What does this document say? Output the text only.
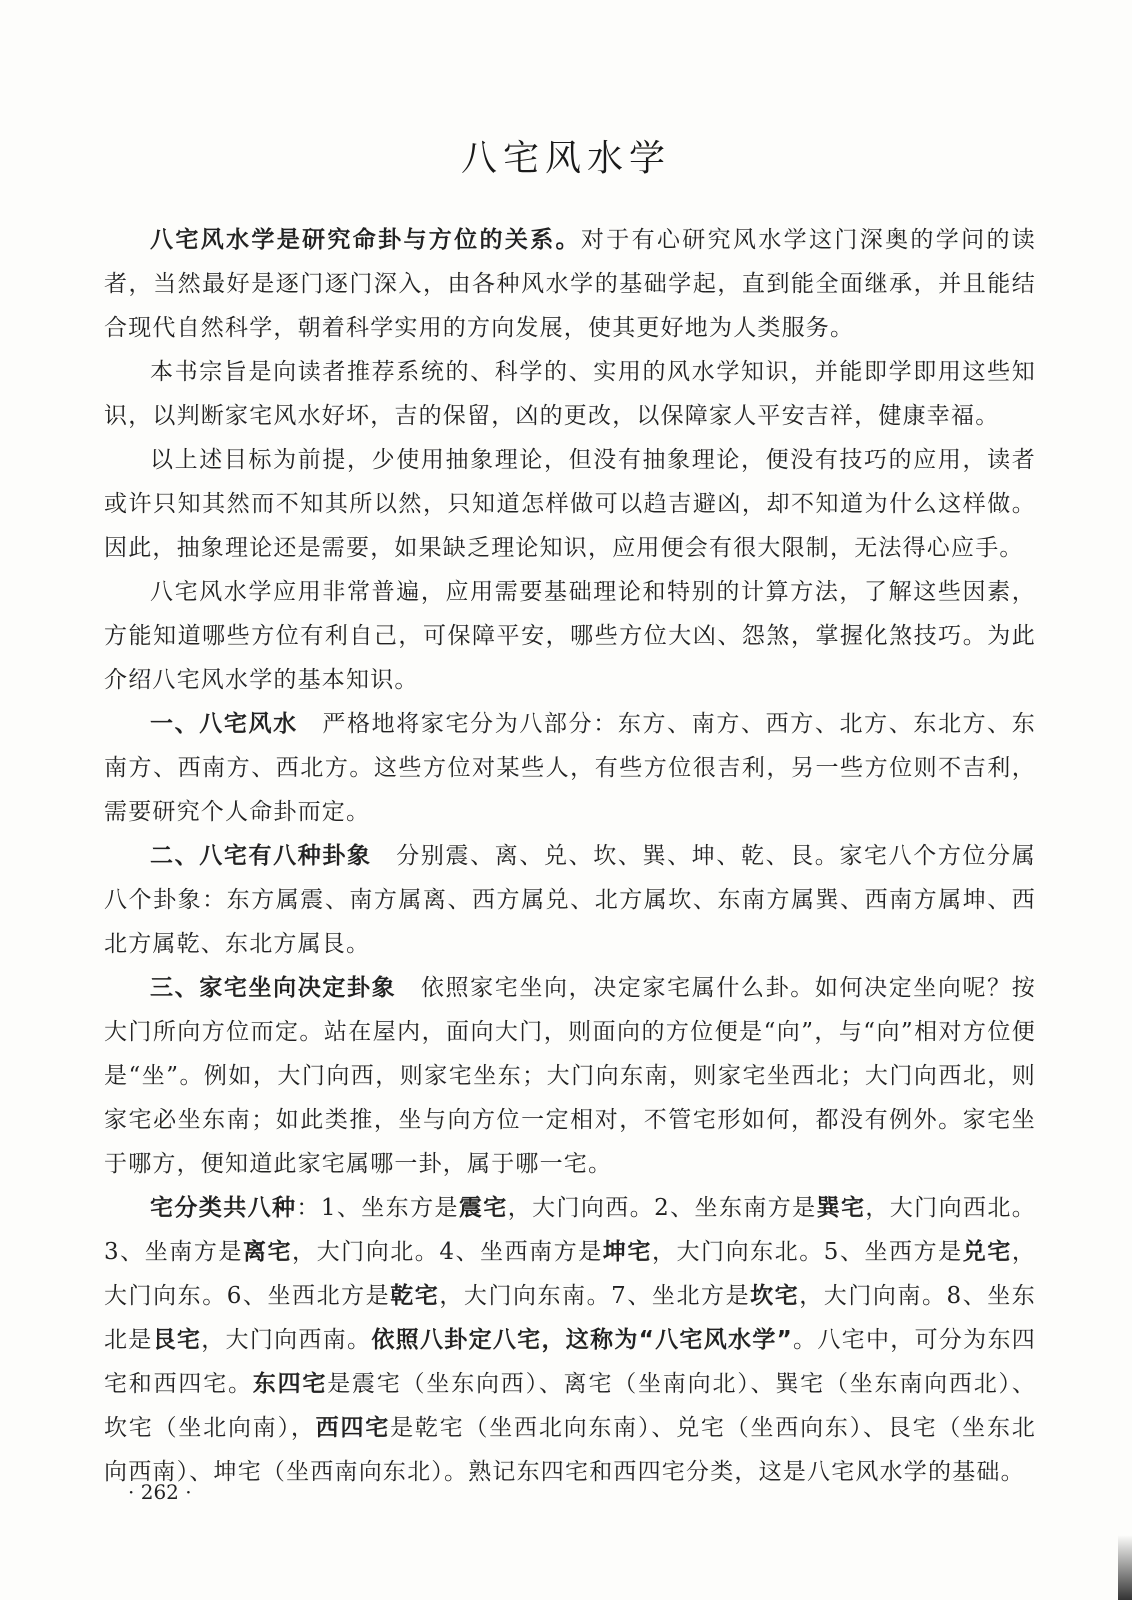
八宅风水学

八宅风水学是研究命卦与方位的关系。对于有心研究风水学这门深奥的学问的读者，当然最好是逐门逐门深入，由各种风水学的基础学起，直到能全面继承，并且能结合现代自然科学，朝着科学实用的方向发展，使其更好地为人类服务。

本书宗旨是向读者推荐系统的、科学的、实用的风水学知识，并能即学即用这些知识，以判断家宅风水好坏，吉的保留，凶的更改，以保障家人平安吉祥，健康幸福。

以上述目标为前提，少使用抽象理论，但没有抽象理论，便没有技巧的应用，读者或许只知其然而不知其所以然，只知道怎样做可以趋吉避凶，却不知道为什么这样做。因此，抽象理论还是需要，如果缺乏理论知识，应用便会有很大限制，无法得心应手。

八宅风水学应用非常普遍，应用需要基础理论和特别的计算方法，了解这些因素，方能知道哪些方位有利自己，可保障平安，哪些方位大凶、怨煞，掌握化煞技巧。为此介绍八宅风水学的基本知识。

一、八宅风水　严格地将家宅分为八部分：东方、南方、西方、北方、东北方、东南方、西南方、西北方。这些方位对某些人，有些方位很吉利，另一些方位则不吉利，需要研究个人命卦而定。

二、八宅有八种卦象　分别震、离、兑、坎、巽、坤、乾、艮。家宅八个方位分属八个卦象：东方属震、南方属离、西方属兑、北方属坎、东南方属巽、西南方属坤、西北方属乾、东北方属艮。

三、家宅坐向决定卦象　依照家宅坐向，决定家宅属什么卦。如何决定坐向呢？按大门所向方位而定。站在屋内，面向大门，则面向的方位便是“向”，与“向”相对方位便是“坐”。例如，大门向西，则家宅坐东；大门向东南，则家宅坐西北；大门向西北，则家宅必坐东南；如此类推，坐与向方位一定相对，不管宅形如何，都没有例外。家宅坐于哪方，便知道此家宅属哪一卦，属于哪一宅。

宅分类共八种：1、坐东方是震宅，大门向西。2、坐东南方是巽宅，大门向西北。3、坐南方是离宅，大门向北。4、坐西南方是坤宅，大门向东北。5、坐西方是兑宅，大门向东。6、坐西北方是乾宅，大门向东南。7、坐北方是坎宅，大门向南。8、坐东北是艮宅，大门向西南。依照八卦定八宅，这称为“八宅风水学”。八宅中，可分为东四宅和西四宅。东四宅是震宅（坐东向西）、离宅（坐南向北）、巽宅（坐东南向西北）、坎宅（坐北向南），西四宅是乾宅（坐西北向东南）、兑宅（坐西向东）、艮宅（坐东北向西南）、坤宅（坐西南向东北）。熟记东四宅和西四宅分类，这是八宅风水学的基础。

· 262 ·
